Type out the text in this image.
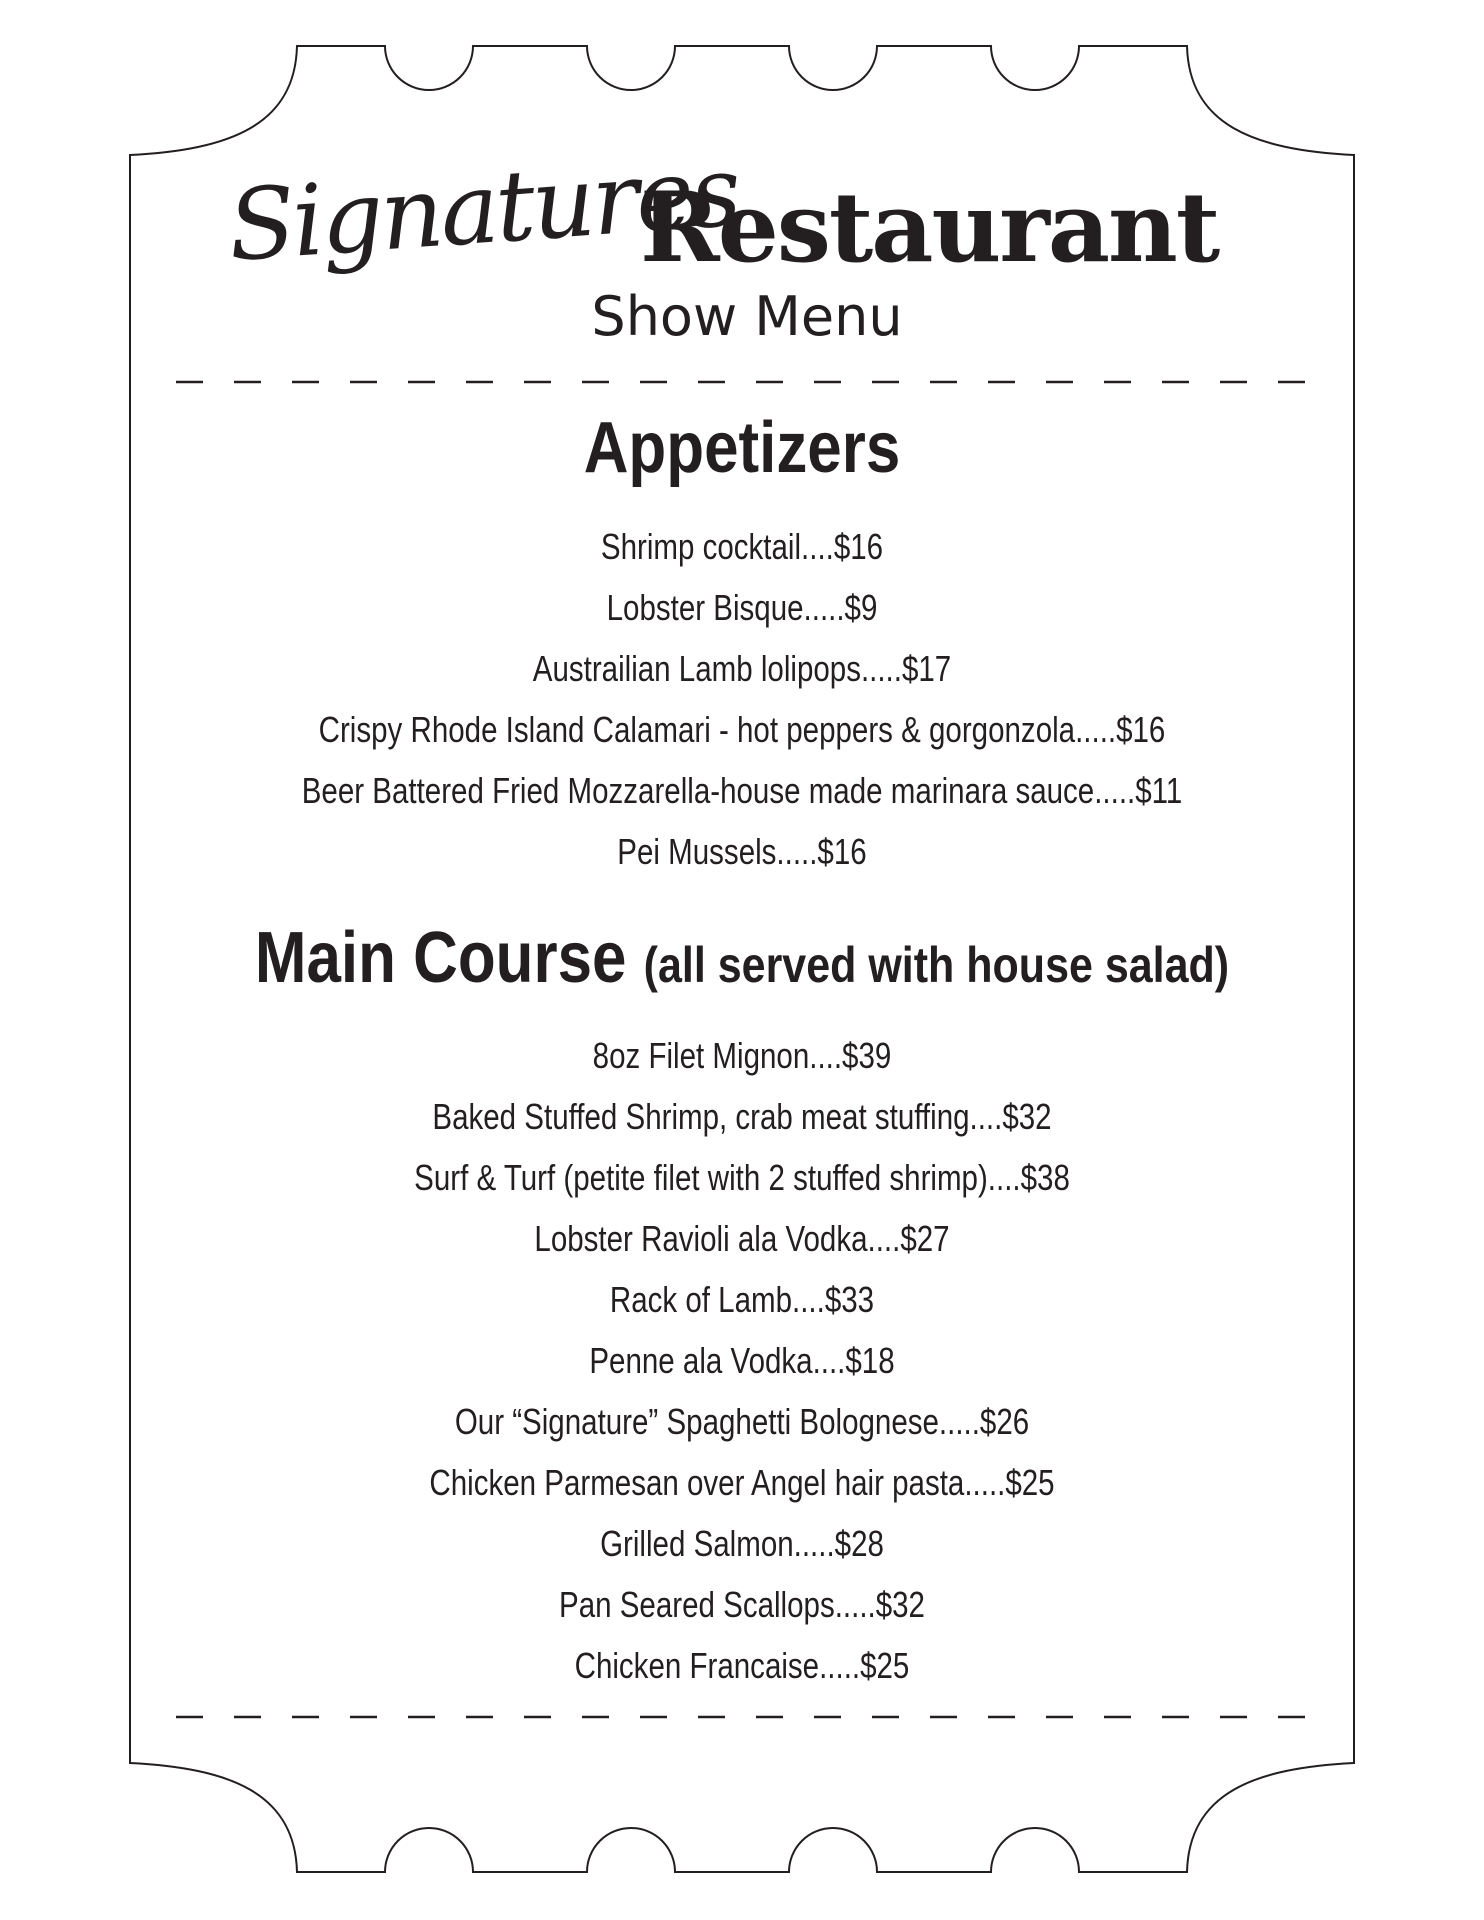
Signatures
Restaurant
Show Menu
Appetizers
Shrimp cocktail....$16
Lobster Bisque.....$9
Austrailian Lamb lolipops.....$17
Crispy Rhode Island Calamari - hot peppers & gorgonzola.....$16
Beer Battered Fried Mozzarella-house made marinara sauce.....$11
Pei Mussels.....$16
Main Course (all served with house salad)
8oz Filet Mignon....$39
Baked Stuffed Shrimp, crab meat stuffing....$32
Surf & Turf (petite filet with 2 stuffed shrimp)....$38
Lobster Ravioli ala Vodka....$27
Rack of Lamb....$33
Penne ala Vodka....$18
Our “Signature” Spaghetti Bolognese.....$26
Chicken Parmesan over Angel hair pasta.....$25
Grilled Salmon.....$28
Pan Seared Scallops.....$32
Chicken Francaise.....$25
